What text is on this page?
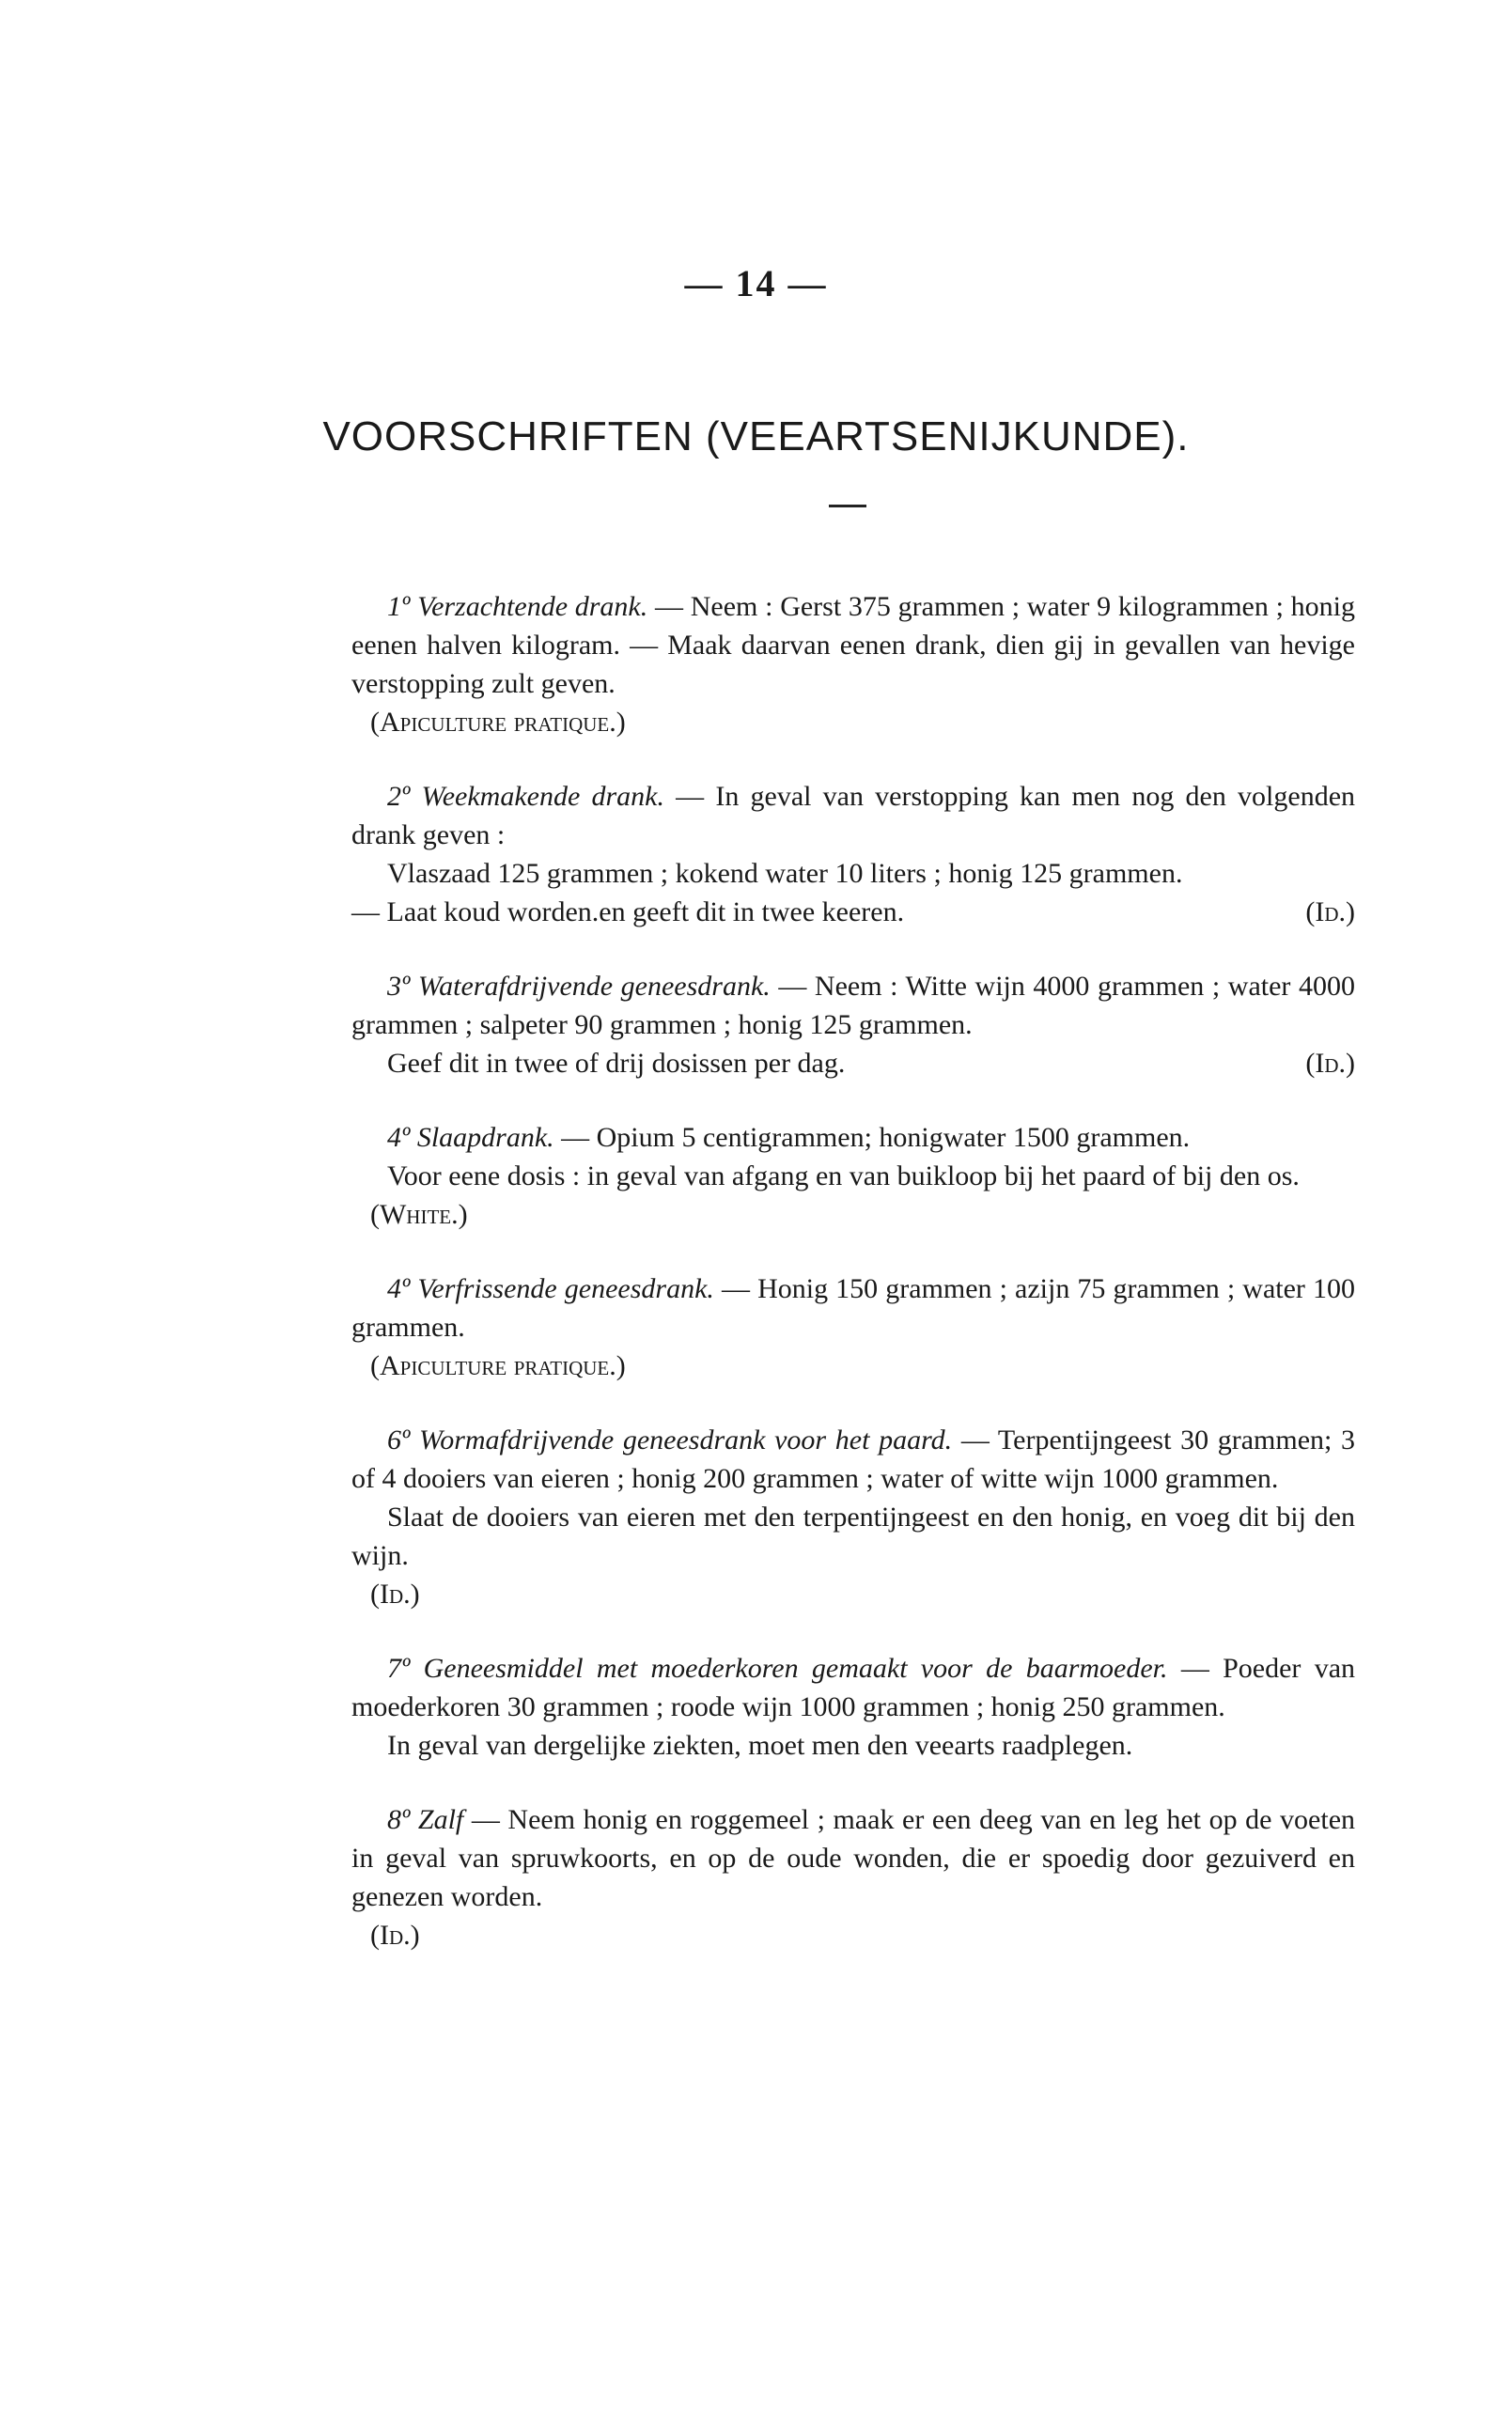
— 14 —
VOORSCHRIFTEN (VEEARTSENIJKUNDE).

1º Verzachtende drank. — Neem : Gerst 375 grammen ; water 9 kilogrammen ; honig eenen halven kilogram. — Maak daarvan eenen drank, dien gij in gevallen van hevige verstopping zult geven.

(Apiculture pratique.)

2º Weekmakende drank. — In geval van verstopping kan men nog den volgenden drank geven :

Vlaszaad 125 grammen ; kokend water 10 liters ; honig 125 grammen.

— Laat koud worden.en geeft dit in twee keeren.	(Id.)

3º Waterafdrijvende geneesdrank. — Neem : Witte wijn 4000 grammen ; water 4000 grammen ; salpeter 90 grammen ; honig 125 grammen.

Geef dit in twee of drij dosissen per dag.	(Id.)

4º Slaapdrank. — Opium 5 centigrammen; honigwater 1500 grammen.

Voor eene dosis : in geval van afgang en van buikloop bij het paard of bij den os.

(White.)

4º Verfrissende geneesdrank. — Honig 150 grammen ; azijn 75 grammen ; water 100 grammen.

(Apiculture pratique.)

6º Wormafdrijvende geneesdrank voor het paard. — Terpentijngeest 30 grammen; 3 of 4 dooiers van eieren ; honig 200 grammen ; water of witte wijn 1000 grammen.

Slaat de dooiers van eieren met den terpentijngeest en den honig, en voeg dit bij den wijn.

(Id.)

7º Geneesmiddel met moederkoren gemaakt voor de baarmoeder. — Poeder van moederkoren 30 grammen ; roode wijn 1000 grammen ; honig 250 grammen.

In geval van dergelijke ziekten, moet men den veearts raadplegen.

8º Zalf — Neem honig en roggemeel ; maak er een deeg van en leg het op de voeten in geval van spruwkoorts, en op de oude wonden, die er spoedig door gezuiverd en genezen worden.

(Id.)
